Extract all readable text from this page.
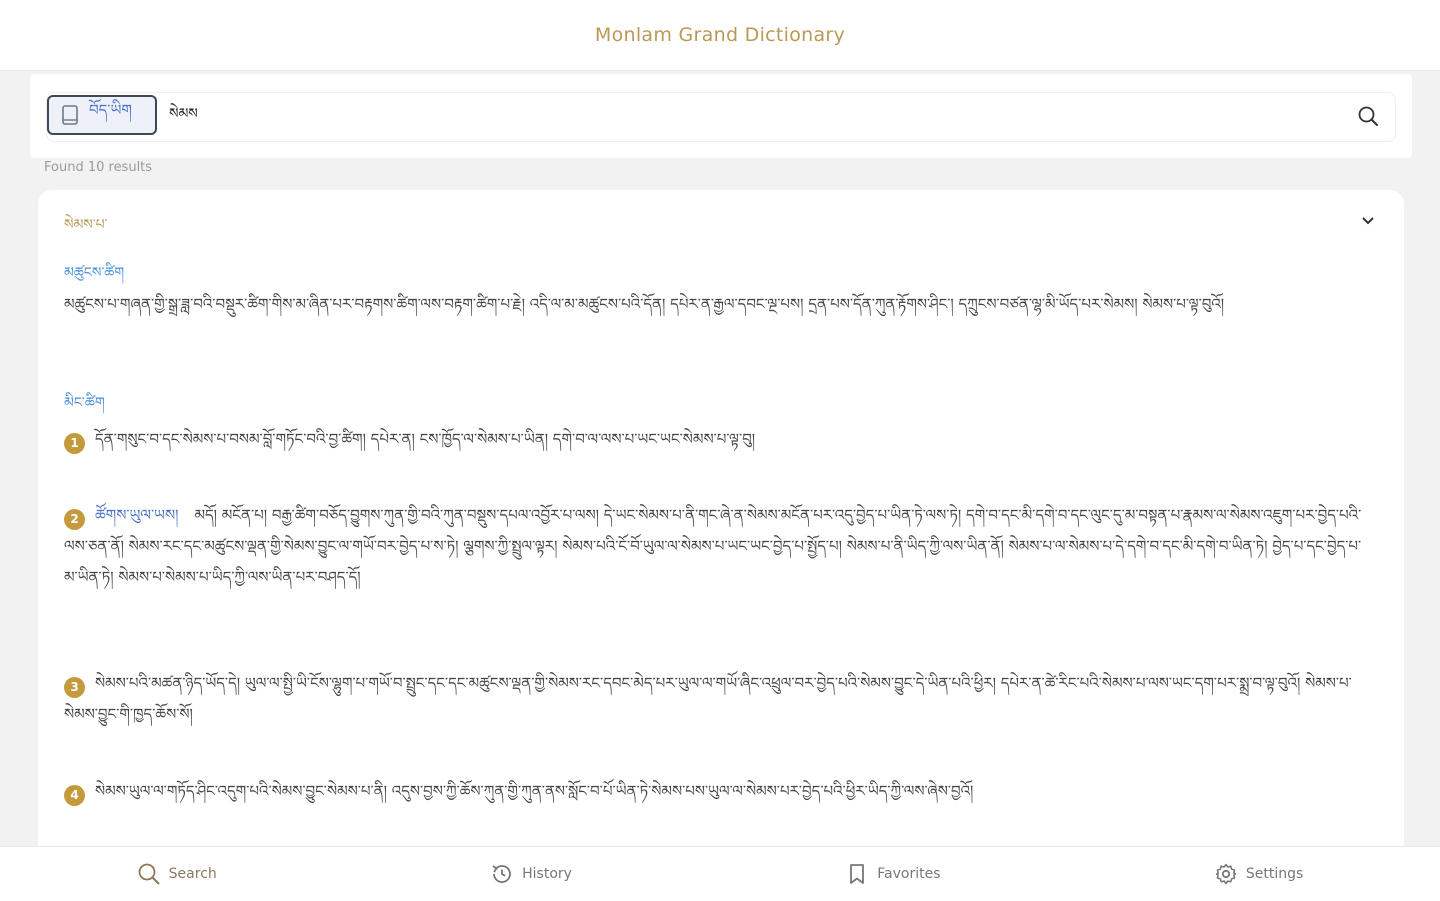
Monlam Grand Dictionary
བོད་ཡིག
སེམས
Found 10 results
སེམས་པ་
མཚུངས་ཚིག
མཚུངས་པ་གཞན་གྱི་སྒྲ་ཟླ་བའི་བསྡུར་ཚིག་གིས་མ་ཞིན་པར་བརྟགས་ཚིག་ལས་བརྟག་ཚིག་པ་རྗེ། འདི་ལ་མ་མཚུངས་པའི་དོན། དཔེར་ན་རྒྱལ་དབང་ལྔ་པས། དྲན་པས་དོན་ཀུན་རྟོགས་ཤིང་། དཀྲུངས་བཙན་ལྷ་མི་ཡོད་པར་སེམས། སེམས་པ་ལྟ་བུའོ།
མིང་ཚིག
1 དོན་གསུང་བ་དང་སེམས་པ་བསམ་བློ་གཏོང་བའི་བྱ་ཚིག། དཔེར་ན། ངས་ཁྱོད་ལ་སེམས་པ་ཡིན། དགེ་བ་ལ་ལས་པ་ཡང་ཡང་སེམས་པ་ལྟ་བུ།
2 ཚོགས་ཡུལ་ཡས། མདོ། མངོན་པ། བརྒྱ་ཚིག་བཅོད་བྱུགས་ཀུན་གྱི་བའི་ཀུན་བསྡུས་དཔལ་འབྱོར་པ་ལས། དེ་ཡང་སེམས་པ་ནི་གང་ཞེ་ན་སེམས་མངོན་པར་འདུ་བྱེད་པ་ཡིན་ཏེ་ལས་ཏེ། དགེ་བ་དང་མི་དགེ་བ་དང་ལུང་དུ་མ་བསྟན་པ་རྣམས་ལ་སེམས་འཇུག་པར་བྱེད་པའི་ལས་ཅན་ནོ། སེམས་རང་དང་མཚུངས་ལྡན་གྱི་སེམས་བྱུང་ལ་གཡོ་བར་བྱེད་པ་ས་ཏེ། ལྕགས་ཀྱི་སྤྲུལ་ལྟར། སེམས་པའི་ངོ་བོ་ཡུལ་ལ་སེམས་པ་ཡང་ཡང་བྱེད་པ་སྤྱོད་པ། སེམས་པ་ནི་ཡིད་ཀྱི་ལས་ཡིན་ནོ། སེམས་པ་ལ་སེམས་པ་དེ་དགེ་བ་དང་མི་དགེ་བ་ཡིན་ཏེ། བྱེད་པ་དང་བྱེད་པ་མ་ཡིན་ཏེ། སེམས་པ་སེམས་པ་ཡིད་ཀྱི་ལས་ཡིན་པར་བཤད་དོ།
3 སེམས་པའི་མཚན་ཉིད་ཡོད་དེ། ཡུལ་ལ་སྤྱི་ཡི་ངོས་ལྷུག་པ་གཡོ་བ་སྤྲུང་དང་དང་མཚུངས་ལྡན་གྱི་སེམས་རང་དབང་མེད་པར་ཡུལ་ལ་གཡོ་ཞིང་འཕྲུལ་བར་བྱེད་པའི་སེམས་བྱུང་དེ་ཡིན་པའི་ཕྱིར། དཔེར་ན་ཚེ་རིང་པའི་སེམས་པ་ལས་ཡང་དག་པར་སྨྲ་བ་ལྟ་བུའོ། སེམས་པ་སེམས་བྱུང་གི་ཁྱད་ཆོས་སོ།
4 སེམས་ཡུལ་ལ་གཏོད་ཤིང་འདུག་པའི་སེམས་བྱུང་སེམས་པ་ནི། འདུས་བྱས་ཀྱི་ཆོས་ཀུན་གྱི་ཀུན་ནས་སློང་བ་པོ་ཡིན་ཏེ་སེམས་པས་ཡུལ་ལ་སེམས་པར་བྱེད་པའི་ཕྱིར་ཡིད་ཀྱི་ལས་ཞེས་བྱའོ།
Search	History	Favorites	Settings
